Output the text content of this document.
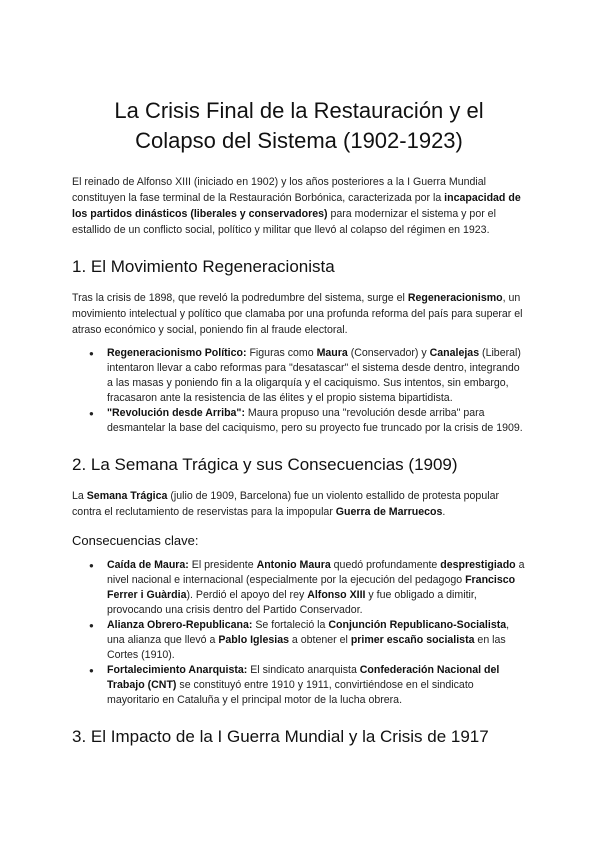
La Crisis Final de la Restauración y el Colapso del Sistema (1902-1923)

El reinado de Alfonso XIII (iniciado en 1902) y los años posteriores a la I Guerra Mundial constituyen la fase terminal de la Restauración Borbónica, caracterizada por la incapacidad de los partidos dinásticos (liberales y conservadores) para modernizar el sistema y por el estallido de un conflicto social, político y militar que llevó al colapso del régimen en 1923.

1. El Movimiento Regeneracionista

Tras la crisis de 1898, que reveló la podredumbre del sistema, surge el Regeneracionismo, un movimiento intelectual y político que clamaba por una profunda reforma del país para superar el atraso económico y social, poniendo fin al fraude electoral.

● Regeneracionismo Político: Figuras como Maura (Conservador) y Canalejas (Liberal) intentaron llevar a cabo reformas para "desatascar" el sistema desde dentro, integrando a las masas y poniendo fin a la oligarquía y el caciquismo. Sus intentos, sin embargo, fracasaron ante la resistencia de las élites y el propio sistema bipartidista.
● "Revolución desde Arriba": Maura propuso una "revolución desde arriba" para desmantelar la base del caciquismo, pero su proyecto fue truncado por la crisis de 1909.
2. La Semana Trágica y sus Consecuencias (1909)

La Semana Trágica (julio de 1909, Barcelona) fue un violento estallido de protesta popular contra el reclutamiento de reservistas para la impopular Guerra de Marruecos.

Consecuencias clave:
● Caída de Maura: El presidente Antonio Maura quedó profundamente desprestigiado a nivel nacional e internacional (especialmente por la ejecución del pedagogo Francisco Ferrer i Guàrdia). Perdió el apoyo del rey Alfonso XIII y fue obligado a dimitir, provocando una crisis dentro del Partido Conservador.
● Alianza Obrero-Republicana: Se fortaleció la Conjunción Republicano-Socialista, una alianza que llevó a Pablo Iglesias a obtener el primer escaño socialista en las Cortes (1910).
● Fortalecimiento Anarquista: El sindicato anarquista Confederación Nacional del Trabajo (CNT) se constituyó entre 1910 y 1911, convirtiéndose en el sindicato mayoritario en Cataluña y el principal motor de la lucha obrera.
3. El Impacto de la I Guerra Mundial y la Crisis de 1917
